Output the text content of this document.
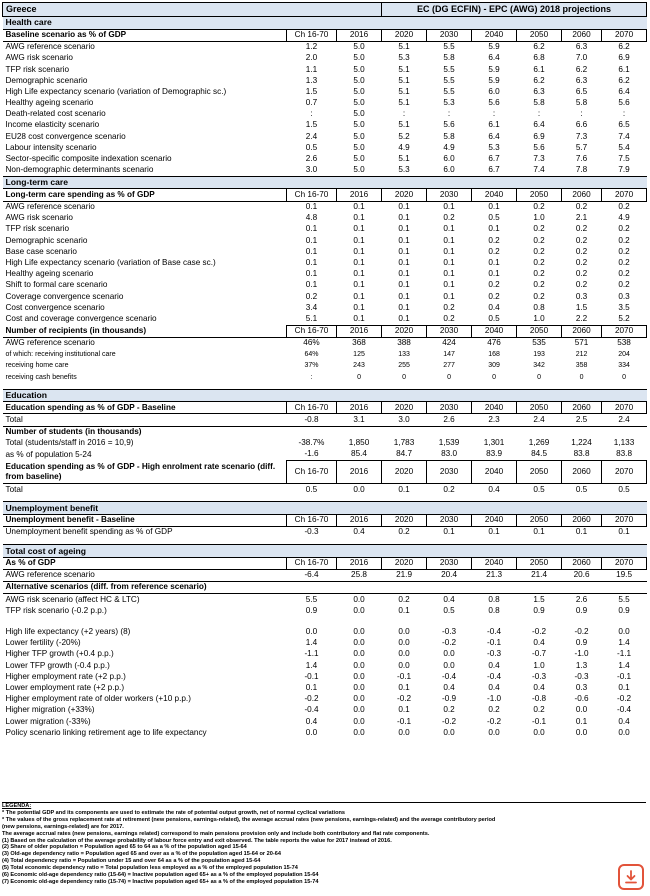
Greece			EC (DG ECFIN) - EPC (AWG) 2018 projections					
Health care								
Baseline scenario as % of GDP	Ch 16-70	2016	2020	2030	2040	2050	2060	2070
AWG reference scenario	1.2	5.0	5.1	5.5	5.9	6.2	6.3	6.2
AWG risk scenario	2.0	5.0	5.3	5.8	6.4	6.8	7.0	6.9
TFP risk scenario	1.1	5.0	5.1	5.5	5.9	6.1	6.2	6.1
Demographic scenario	1.3	5.0	5.1	5.5	5.9	6.2	6.3	6.2
High Life expectancy scenario (variation of Demographic sc.)	1.5	5.0	5.1	5.5	6.0	6.3	6.5	6.4
Healthy ageing scenario	0.7	5.0	5.1	5.3	5.6	5.8	5.8	5.6
Death-related cost scenario	:	5.0	:	:	:	:	:	:
Income elasticity scenario	1.5	5.0	5.1	5.6	6.1	6.4	6.6	6.5
EU28 cost convergence scenario	2.4	5.0	5.2	5.8	6.4	6.9	7.3	7.4
Labour intensity scenario	0.5	5.0	4.9	4.9	5.3	5.6	5.7	5.4
Sector-specific composite indexation scenario	2.6	5.0	5.1	6.0	6.7	7.3	7.6	7.5
Non-demographic determinants scenario	3.0	5.0	5.3	6.0	6.7	7.4	7.8	7.9
Long-term care								
Long-term care spending as % of GDP	Ch 16-70	2016	2020	2030	2040	2050	2060	2070
AWG reference scenario	0.1	0.1	0.1	0.1	0.1	0.2	0.2	0.2
AWG risk scenario	4.8	0.1	0.1	0.2	0.5	1.0	2.1	4.9
TFP risk scenario	0.1	0.1	0.1	0.1	0.1	0.2	0.2	0.2
Demographic scenario	0.1	0.1	0.1	0.1	0.2	0.2	0.2	0.2
Base case scenario	0.1	0.1	0.1	0.1	0.2	0.2	0.2	0.2
High Life expectancy scenario (variation of Base case sc.)	0.1	0.1	0.1	0.1	0.1	0.2	0.2	0.2
Healthy ageing scenario	0.1	0.1	0.1	0.1	0.1	0.2	0.2	0.2
Shift to formal care scenario	0.1	0.1	0.1	0.1	0.2	0.2	0.2	0.2
Coverage convergence scenario	0.2	0.1	0.1	0.1	0.2	0.2	0.3	0.3
Cost convergence scenario	3.4	0.1	0.1	0.2	0.4	0.8	1.5	3.5
Cost and coverage convergence scenario	5.1	0.1	0.1	0.2	0.5	1.0	2.2	5.2
Number of recipients (in thousands)	Ch 16-70	2016	2020	2030	2040	2050	2060	2070
AWG reference scenario	46%	368	388	424	476	535	571	538
of which: receiving institutional care	64%	125	133	147	168	193	212	204
receiving home care	37%	243	255	277	309	342	358	334
receiving cash benefits	:	0	0	0	0	0	0	0

Education								
Education spending as % of GDP - Baseline	Ch 16-70	2016	2020	2030	2040	2050	2060	2070
Total	-0.8	3.1	3.0	2.6	2.3	2.4	2.5	2.4
Number of students (in thousands)								
Total (students/staff in 2016 = 10,9)	-38.7%	1,850	1,783	1,539	1,301	1,269	1,224	1,133
as % of population 5-24	-1.6	85.4	84.7	83.0	83.9	84.5	83.8	83.8
Education spending as % of GDP - High enrolment rate scenario (diff. from baseline)	Ch 16-70	2016	2020	2030	2040	2050	2060	2070
Total	0.5	0.0	0.1	0.2	0.4	0.5	0.5	0.5

Unemployment benefit								
Unemployment benefit - Baseline	Ch 16-70	2016	2020	2030	2040	2050	2060	2070
Unemployment benefit spending as % of GDP	-0.3	0.4	0.2	0.1	0.1	0.1	0.1	0.1

Total cost of ageing								
As % of GDP	Ch 16-70	2016	2020	2030	2040	2050	2060	2070
AWG reference scenario	-6.4	25.8	21.9	20.4	21.3	21.4	20.6	19.5
Alternative scenarios (diff. from reference scenario)								
AWG risk scenario (affect HC & LTC)	5.5	0.0	0.2	0.4	0.8	1.5	2.6	5.5
TFP risk scenario (-0.2 p.p.)	0.9	0.0	0.1	0.5	0.8	0.9	0.9	0.9

High life expectancy (+2 years) (8)	0.0	0.0	0.0	-0.3	-0.4	-0.2	-0.2	0.0
Lower fertility (-20%)	1.4	0.0	0.0	-0.2	-0.1	0.4	0.9	1.4
Higher TFP growth (+0.4 p.p.)	-1.1	0.0	0.0	0.0	-0.3	-0.7	-1.0	-1.1
Lower TFP growth (-0.4 p.p.)	1.4	0.0	0.0	0.0	0.4	1.0	1.3	1.4
Higher employment rate (+2 p.p.)	-0.1	0.0	-0.1	-0.4	-0.4	-0.3	-0.3	-0.1
Lower employment rate (+2 p.p.)	0.1	0.0	0.1	0.4	0.4	0.4	0.3	0.1
Higher employment rate of older workers (+10 p.p.)	-0.2	0.0	-0.2	-0.9	-1.0	-0.8	-0.6	-0.2
Higher migration (+33%)	-0.4	0.0	0.1	0.2	0.2	0.2	0.0	-0.4
Lower migration (-33%)	0.4	0.0	-0.1	-0.2	-0.2	-0.1	0.1	0.4
Policy scenario linking retirement age to life expectancy	0.0	0.0	0.0	0.0	0.0	0.0	0.0	0.0
LEGENDA:
* The potential GDP and its components are used to estimate the rate of potential output growth, net of normal cyclical variations
* The values of the gross replacement rate at retirement (new pensions, earnings-related), the average accrual rates (new pensions, earnings-related) and the average contributory period
(new pensions, earnings-related) are for 2017.
The average accrual rates (new pensions, earnings related) correspond to main pensions provision only and include both contributory and flat rate components.
(1) Based on the calculation of the average probability of labour force entry and exit observed. The table reports the value for 2017 instead of 2016.
(2) Share of older population = Population aged 65 to 64 as a % of the population aged 15-64
(3) Old-age dependency ratio = Population aged 65 and over as a % of the population aged 15-64 or 20-64
(4) Total dependency ratio = Population under 15 and over 64 as a % of the population aged 15-64
(5) Total economic dependency ratio = Total population less employed as a % of the employed population 15-74
(6) Economic old-age dependency ratio (15-64) = Inactive population aged 65+ as a % of the employed population 15-64
(7) Economic old-age dependency ratio (15-74) = Inactive population aged 65+ as a % of the employed population 15-74
